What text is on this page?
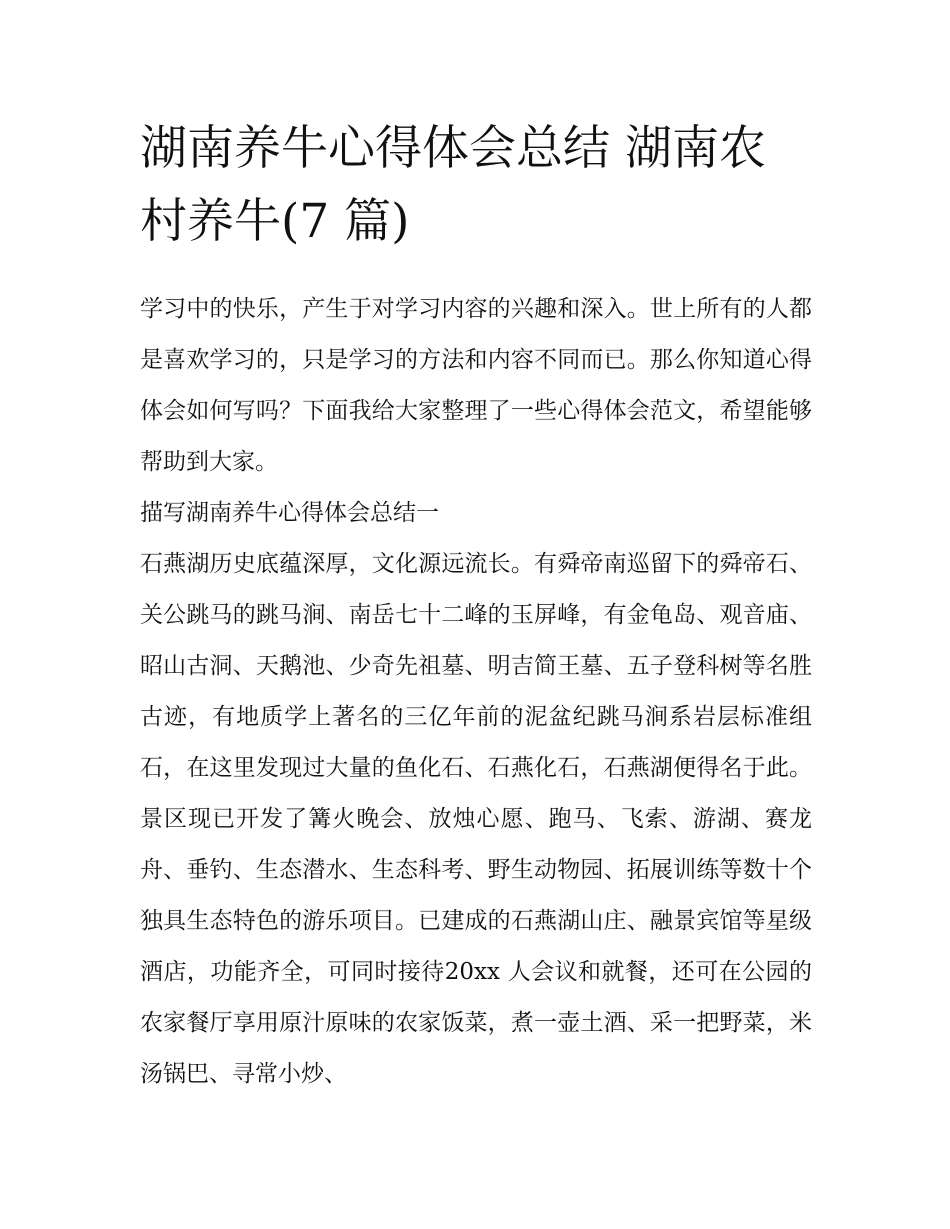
湖南养牛心得体会总结 湖南农村养牛(7 篇)

学习中的快乐，产生于对学习内容的兴趣和深入。世上所有的人都是喜欢学习的，只是学习的方法和内容不同而已。那么你知道心得体会如何写吗？下面我给大家整理了一些心得体会范文，希望能够帮助到大家。

描写湖南养牛心得体会总结一

石燕湖历史底蕴深厚，文化源远流长。有舜帝南巡留下的舜帝石、关公跳马的跳马涧、南岳七十二峰的玉屏峰，有金龟岛、观音庙、昭山古洞、天鹅池、少奇先祖墓、明吉简王墓、五子登科树等名胜古迹，有地质学上著名的三亿年前的泥盆纪跳马涧系岩层标准组石，在这里发现过大量的鱼化石、石燕化石，石燕湖便得名于此。景区现已开发了篝火晚会、放烛心愿、跑马、飞索、游湖、赛龙舟、垂钓、生态潜水、生态科考、野生动物园、拓展训练等数十个独具生态特色的游乐项目。已建成的石燕湖山庄、融景宾馆等星级酒店，功能齐全，可同时接待20xx 人会议和就餐，还可在公园的农家餐厅享用原汁原味的农家饭菜，煮一壶土酒、采一把野菜，米汤锅巴、寻常小炒、
